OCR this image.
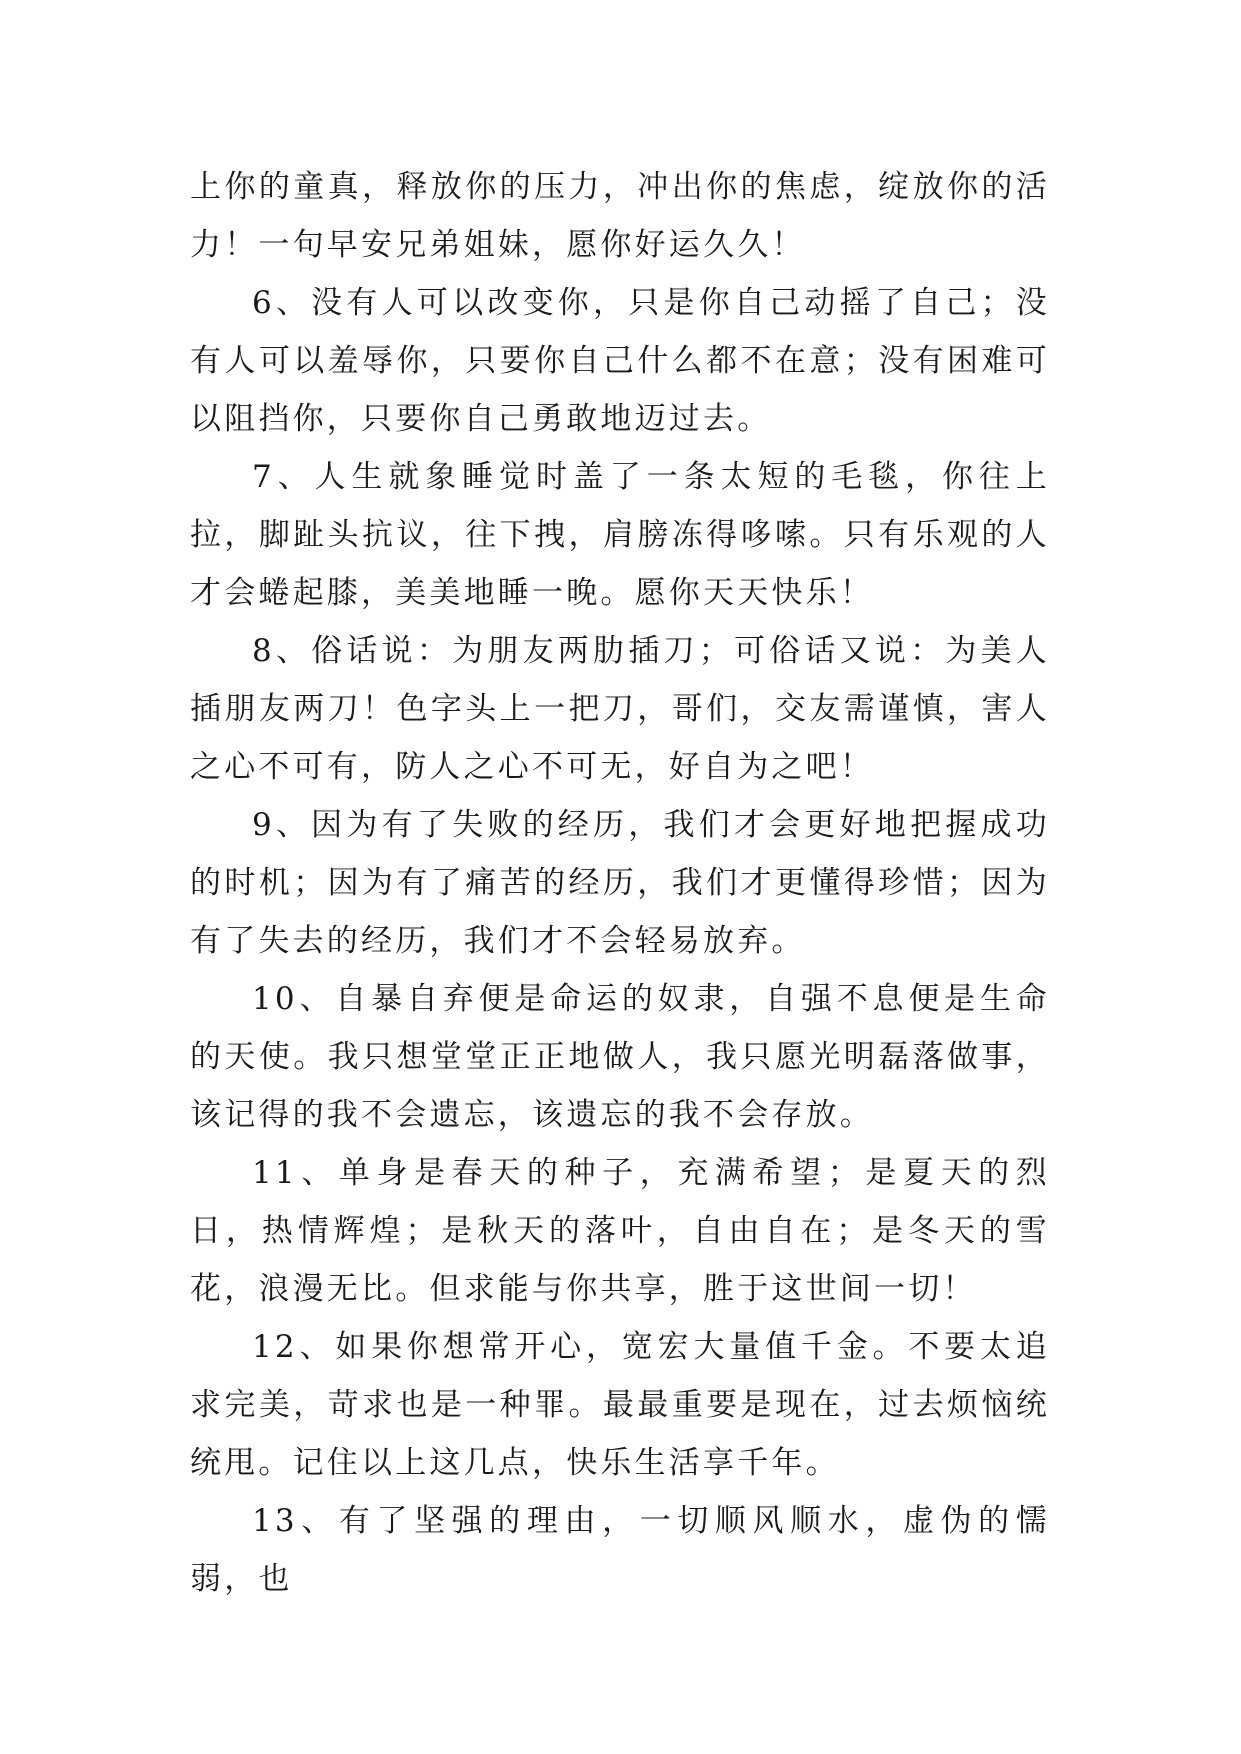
上你的童真，释放你的压力，冲出你的焦虑，绽放你的活力！一句早安兄弟姐妹，愿你好运久久！

6、没有人可以改变你，只是你自己动摇了自己；没有人可以羞辱你，只要你自己什么都不在意；没有困难可以阻挡你，只要你自己勇敢地迈过去。

7、人生就象睡觉时盖了一条太短的毛毯，你往上拉，脚趾头抗议，往下拽，肩膀冻得哆嗦。只有乐观的人才会蜷起膝，美美地睡一晚。愿你天天快乐！

8、俗话说：为朋友两肋插刀；可俗话又说：为美人插朋友两刀！色字头上一把刀，哥们，交友需谨慎，害人之心不可有，防人之心不可无，好自为之吧！

9、因为有了失败的经历，我们才会更好地把握成功的时机；因为有了痛苦的经历，我们才更懂得珍惜；因为有了失去的经历，我们才不会轻易放弃。

10、自暴自弃便是命运的奴隶，自强不息便是生命的天使。我只想堂堂正正地做人，我只愿光明磊落做事，该记得的我不会遗忘，该遗忘的我不会存放。

11、单身是春天的种子，充满希望；是夏天的烈日，热情辉煌；是秋天的落叶，自由自在；是冬天的雪花，浪漫无比。但求能与你共享，胜于这世间一切！

12、如果你想常开心，宽宏大量值千金。不要太追求完美，苛求也是一种罪。最最重要是现在，过去烦恼统统甩。记住以上这几点，快乐生活享千年。

13、有了坚强的理由，一切顺风顺水，虚伪的懦弱，也
